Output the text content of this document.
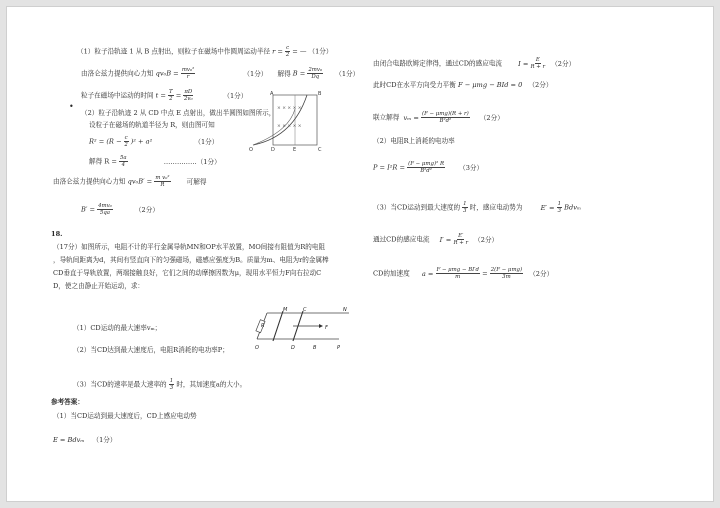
（1）粒子沿轨迹 1 从 B 点射出，则粒子在磁场中作圆周运动半径 $r = \frac{c}{2}$ = — （1分）
由洛仑兹力提供向心力知 $qv_0B = \frac{\text{mv₀²}}{r}$	（1分） 解得 $B = \frac{\text{2mv₀}}{Dq} (1$分）
粒子在磁场中运动的时间 $t = \frac{T}{2} = \frac{\pi D}{\text{2v₀}}$	（1分）
•
（2）粒子沿轨迹 2 从 CD 中点 E 点射出，做出半圆图如图所示，
设粒子在磁场的轨道半径为 R，则由图可知
$R^2 = (R - \frac{c}{2} )^2 + a^2$	（1分）
解得 $R = \frac{5a}{4}$	……………（1分）
由洛仑兹力提供向心力知 $qv_0B' = \frac{\text{m v₀²}}{R}$ 可解得
$B' = \frac{\text{4mv₀}}{5qa}$	（2分）
× × × × ×
× × × × ×
A	B
C
D	E
O
18.
（17分）如图所示，电阻不计的平行金属导轨MN和OP水平放置，MO间接有阻值为R的电阻
，导轨间距离为d，其间有竖直向下的匀强磁场，磁感应强度为B。质量为m、电阻为r的金属棒
CD垂直于导轨放置，两端接触良好，它们之间的动摩擦因数为μ，现用水平恒力F向右拉动C
D，使之由静止开始运动，求：
（1）CD运动的最大速率vₘ；
（2）当CD达到最大速度后，电阻R消耗的电功率P；
（3）当CD的速率是最大速率的 $\frac{1}{3}$ 时，其加速度a的大小。
R
M	N
C
D	B
O	P
F
参考答案：
（1）当CD运动到最大速度后，CD上感应电动势
E = Bdvₘ （1分）
由闭合电路欧姆定律得，通过CD的感应电流 $I = \frac{E}{R + r} (2$分）
此时CD在水平方向受力平衡 F − μmg − BId = 0 （2分）
联立解得 $v_m = \frac{\text{(F − μmg)(R + r)}}{\text{B²d²}} (2$分）
（2）电阻R上消耗的电功率
$P = I^2R = \frac{\text{(F − μmg)² R}}{\text{B²d²}} (3$分）
（3）当CD运动到最大速度的 $\frac{1}{3}$ 时，感应电动势为	$E' = \frac{1}{3}$ Bdvₘ
通过CD的感应电流 $I' = \frac{E'}{R + r} (2$分）
CD的加速度 $a = \frac{\text{F − μmg − BI′d}}{m} = \frac{\text{2(F − μmg)}}{3m} (2$分）
